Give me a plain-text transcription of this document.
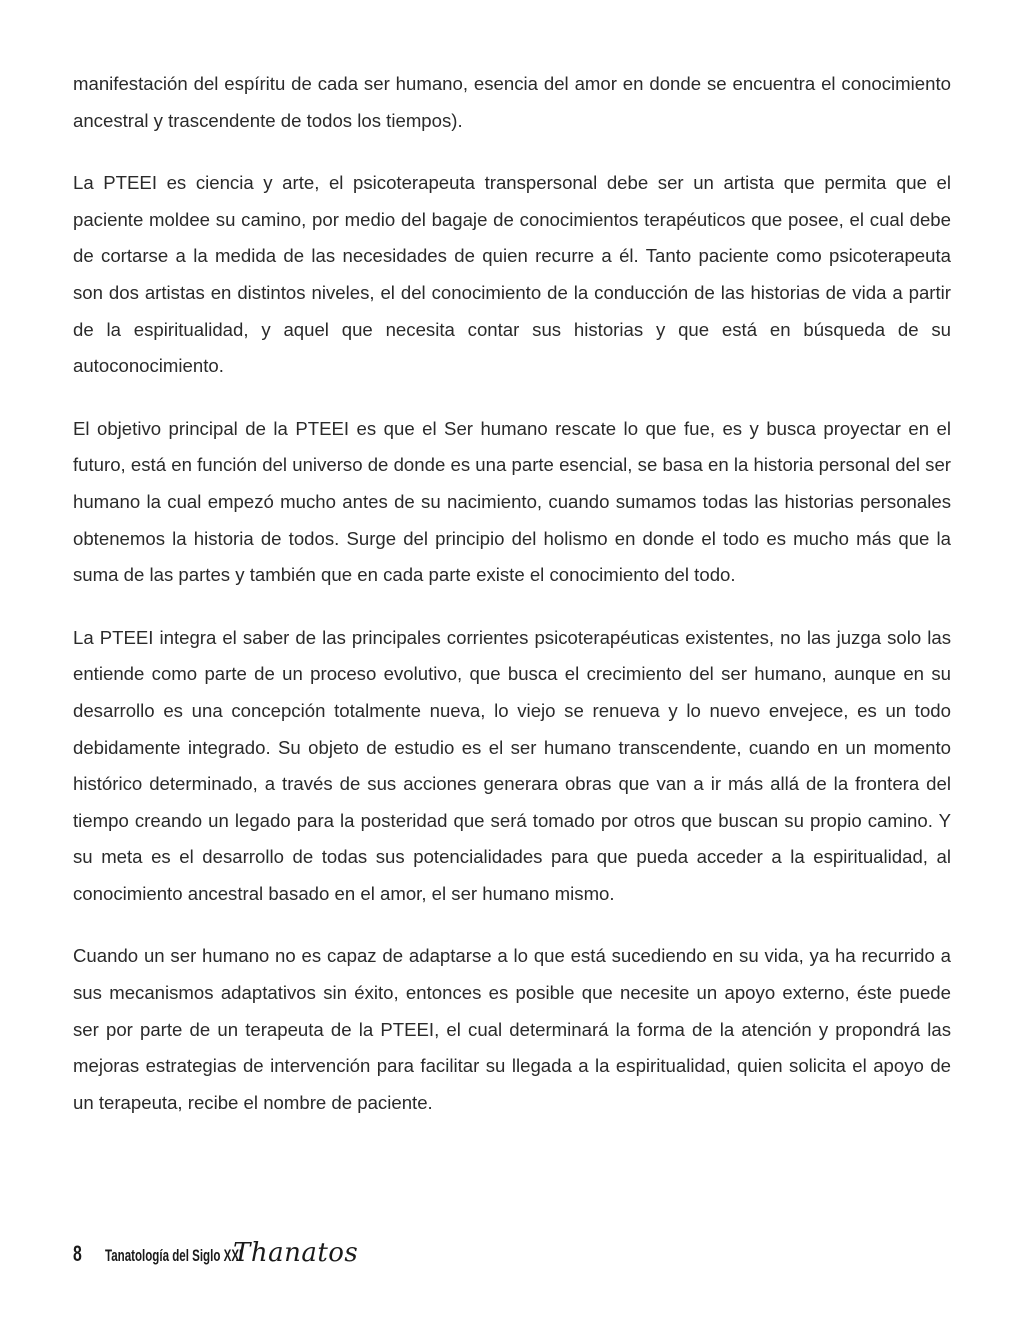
manifestación del espíritu de cada ser humano, esencia del amor en donde se encuentra el conocimiento ancestral y trascendente de todos los tiempos).

La PTEEI es ciencia y arte, el psicoterapeuta transpersonal debe ser un artista que permita que el paciente moldee su camino, por medio del bagaje de conocimientos terapéuticos que posee, el cual debe de cortarse a la medida de las necesidades de quien recurre a él. Tanto paciente como psicoterapeuta son dos artistas en distintos niveles, el del conocimiento de la conducción de las historias de vida a partir de la espiritualidad, y aquel que necesita contar sus historias y que está en búsqueda de su autoconocimiento.

El objetivo principal de la PTEEI es que el Ser humano rescate lo que fue, es y busca proyectar en el futuro, está en función del universo de donde es una parte esencial, se basa en la historia personal del ser humano la cual empezó mucho antes de su nacimiento, cuando sumamos todas las historias personales obtenemos la historia de todos. Surge del principio del holismo en donde el todo es mucho más que la suma de las partes y también que en cada parte existe el conocimiento del todo.

La PTEEI integra el saber de las principales corrientes psicoterapéuticas existentes, no las juzga solo las entiende como parte de un proceso evolutivo, que busca el crecimiento del ser humano, aunque en su desarrollo es una concepción totalmente nueva, lo viejo se renueva y lo nuevo envejece, es un todo debidamente integrado. Su objeto de estudio es el ser humano transcendente, cuando en un momento histórico determinado, a través de sus acciones generara obras que van a ir más allá de la frontera del tiempo creando un legado para la posteridad que será tomado por otros que buscan su propio camino. Y su meta es el desarrollo de todas sus potencialidades para que pueda acceder a la espiritualidad, al conocimiento ancestral basado en el amor, el ser humano mismo.

Cuando un ser humano no es capaz de adaptarse a lo que está sucediendo en su vida, ya ha recurrido a sus mecanismos adaptativos sin éxito, entonces es posible que necesite un apoyo externo, éste puede ser por parte de un terapeuta de la PTEEI, el cual determinará la forma de la atención y propondrá las mejoras estrategias de intervención para facilitar su llegada a la espiritualidad, quien solicita el apoyo de un terapeuta, recibe el nombre de paciente.

8 Tanatología del Siglo XXI
Thanatos
